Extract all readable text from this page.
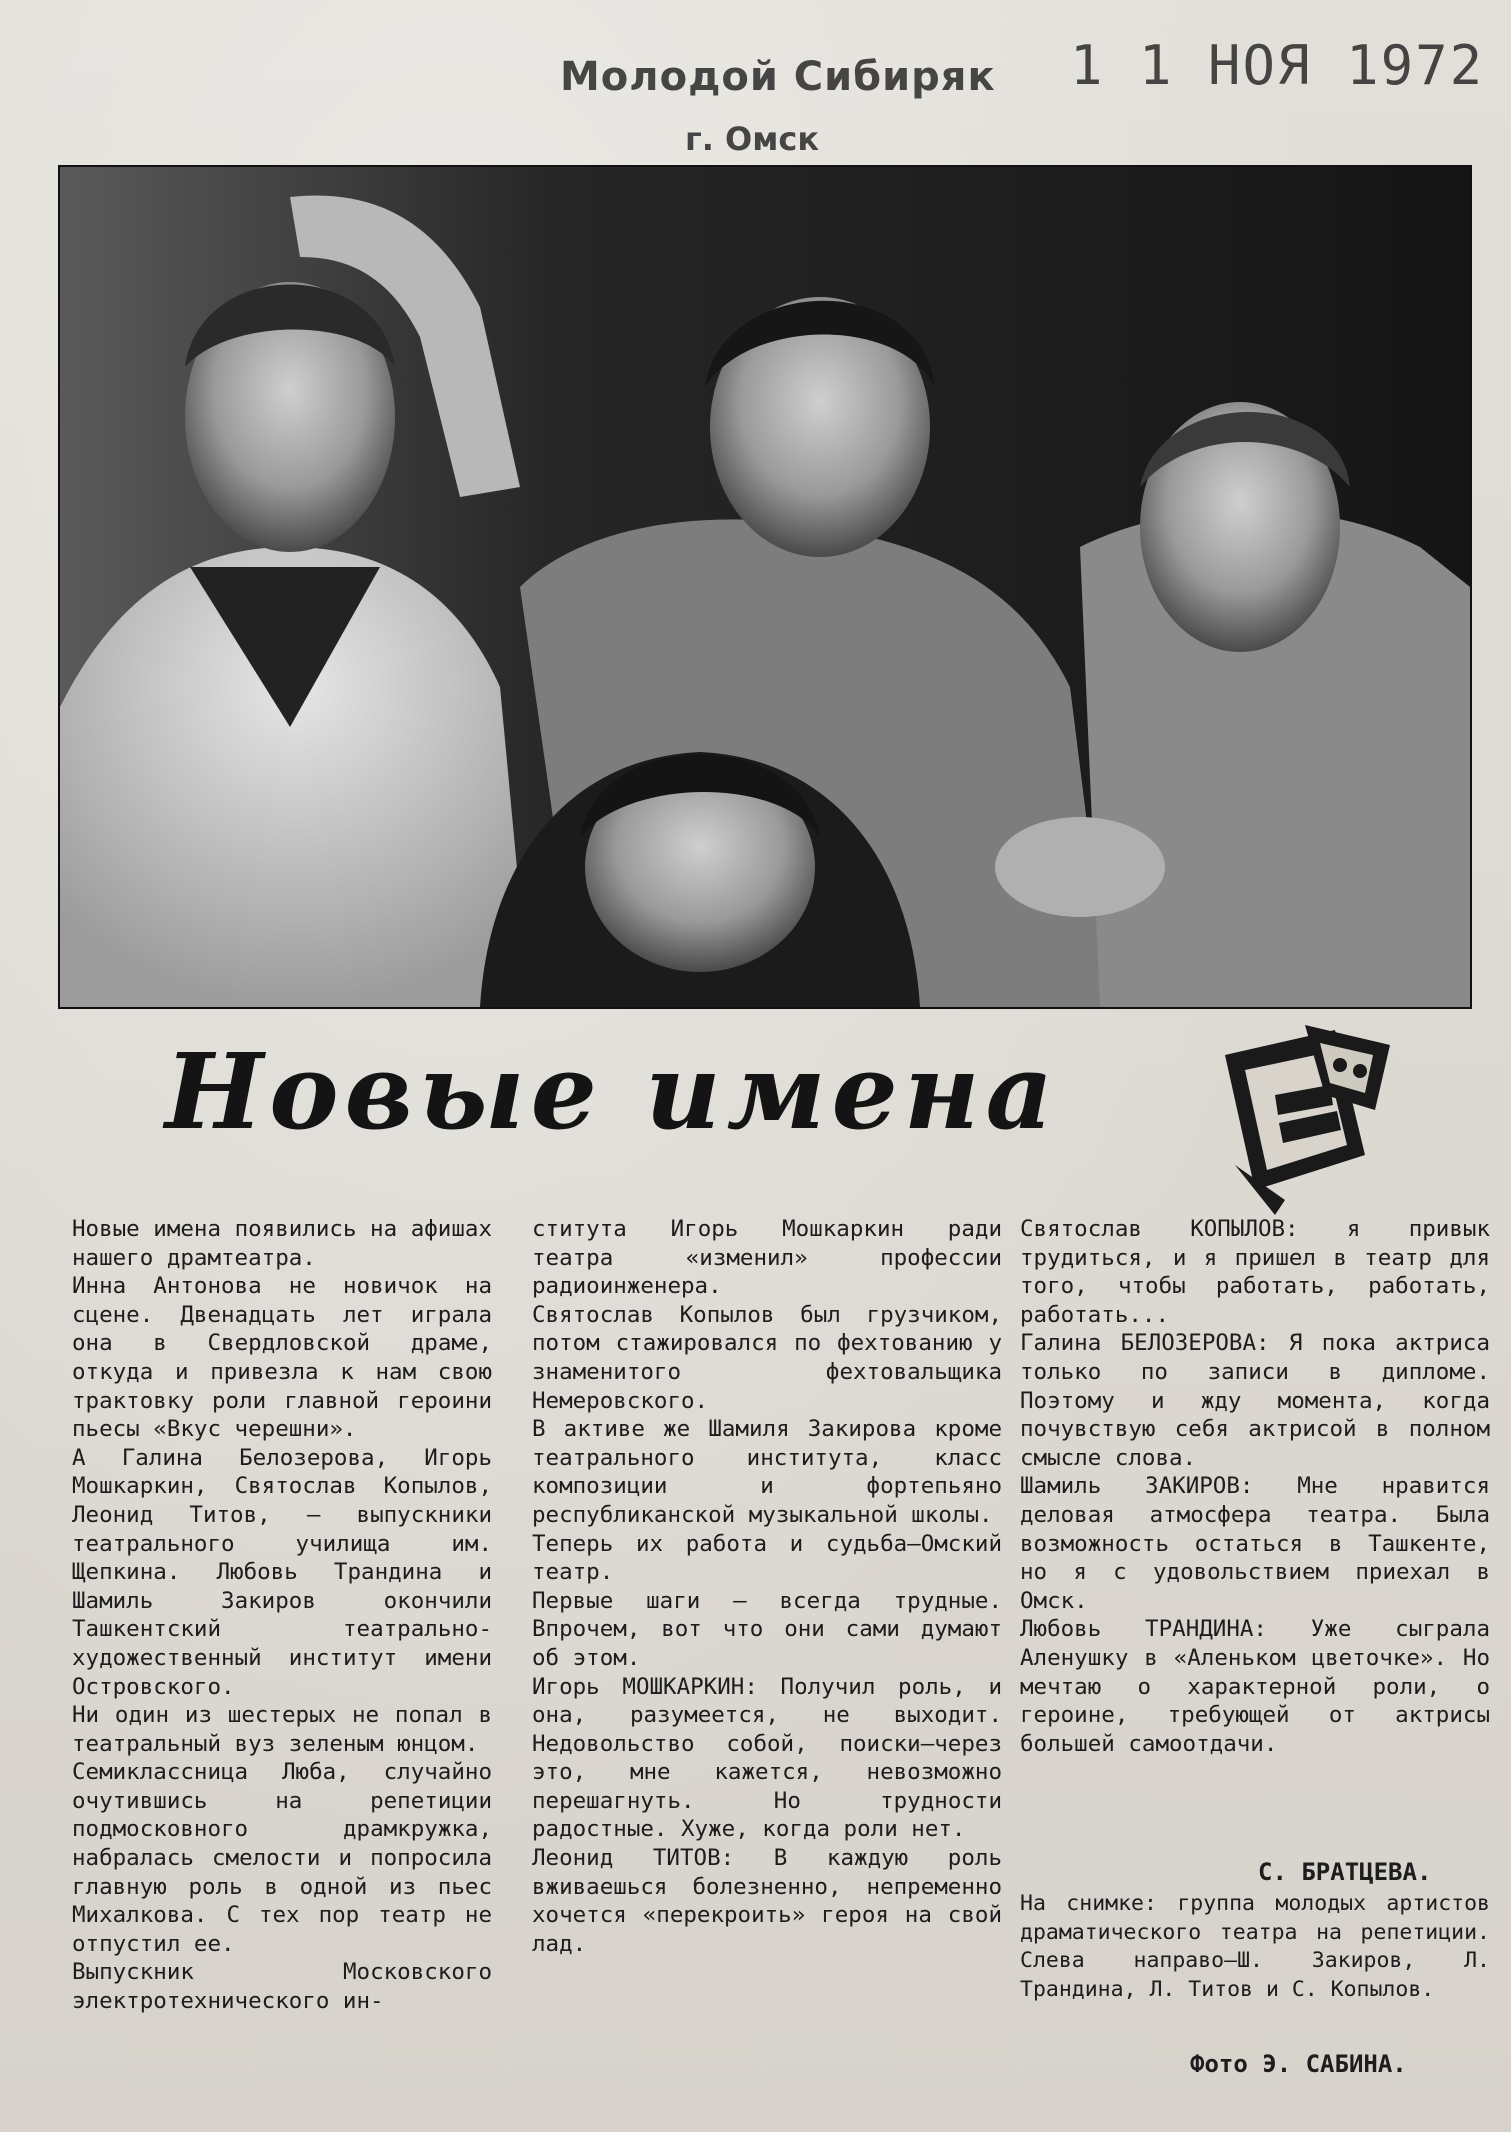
Молодой Сибиряк
г. Омск
1 1 НОЯ 1972
Новые имена
Новые имена появились на афишах нашего драмтеатра.
Инна Антонова не новичок на сцене. Двенадцать лет играла она в Свердловской драме, откуда и привезла к нам свою трактовку роли главной героини пьесы «Вкус черешни».
А Галина Белозерова, Игорь Мошкаркин, Святослав Копылов, Леонид Титов, — выпускники театрального училища им. Щепкина. Любовь Трандина и Шамиль Закиров окончили Ташкентский театрально-художественный институт имени Островского.
Ни один из шестерых не попал в театральный вуз зеленым юнцом.
Семиклассница Люба, случайно очутившись на репетиции подмосковного драмкружка, набралась смелости и попросила главную роль в одной из пьес Михалкова. С тех пор театр не отпустил ее.
Выпускник Московского электротехнического ин-
ститута Игорь Мошкаркин ради театра «изменил» профессии радиоинженера.
Святослав Копылов был грузчиком, потом стажировался по фехтованию у знаменитого фехтовальщика Немеровского.
В активе же Шамиля Закирова кроме театрального института, класс композиции и фортепьяно республиканской музыкальной школы.
Теперь их работа и судьба—Омский театр.
Первые шаги — всегда трудные. Впрочем, вот что они сами думают об этом.
Игорь МОШКАРКИН: Получил роль, и она, разумеется, не выходит. Недовольство собой, поиски—через это, мне кажется, невозможно перешагнуть. Но трудности радостные. Хуже, когда роли нет.
Леонид ТИТОВ: В каждую роль вживаешься болезненно, непременно хочется «перекроить» героя на свой лад.
Святослав КОПЫЛОВ: я привык трудиться, и я пришел в театр для того, чтобы работать, работать, работать...
Галина БЕЛОЗЕРОВА: Я пока актриса только по записи в дипломе. Поэтому и жду момента, когда почувствую себя актрисой в полном смысле слова.
Шамиль ЗАКИРОВ: Мне нравится деловая атмосфера театра. Была возможность остаться в Ташкенте, но я с удовольствием приехал в Омск.
Любовь ТРАНДИНА: Уже сыграла Аленушку в «Аленьком цветочке». Но мечтаю о характерной роли, о героине, требующей от актрисы большей самоотдачи.
С. БРАТЦЕВА.
На снимке: группа молодых артистов драматического театра на репетиции. Слева направо—Ш. Закиров, Л. Трандина, Л. Титов и С. Копылов.
Фото Э. САБИНА.
